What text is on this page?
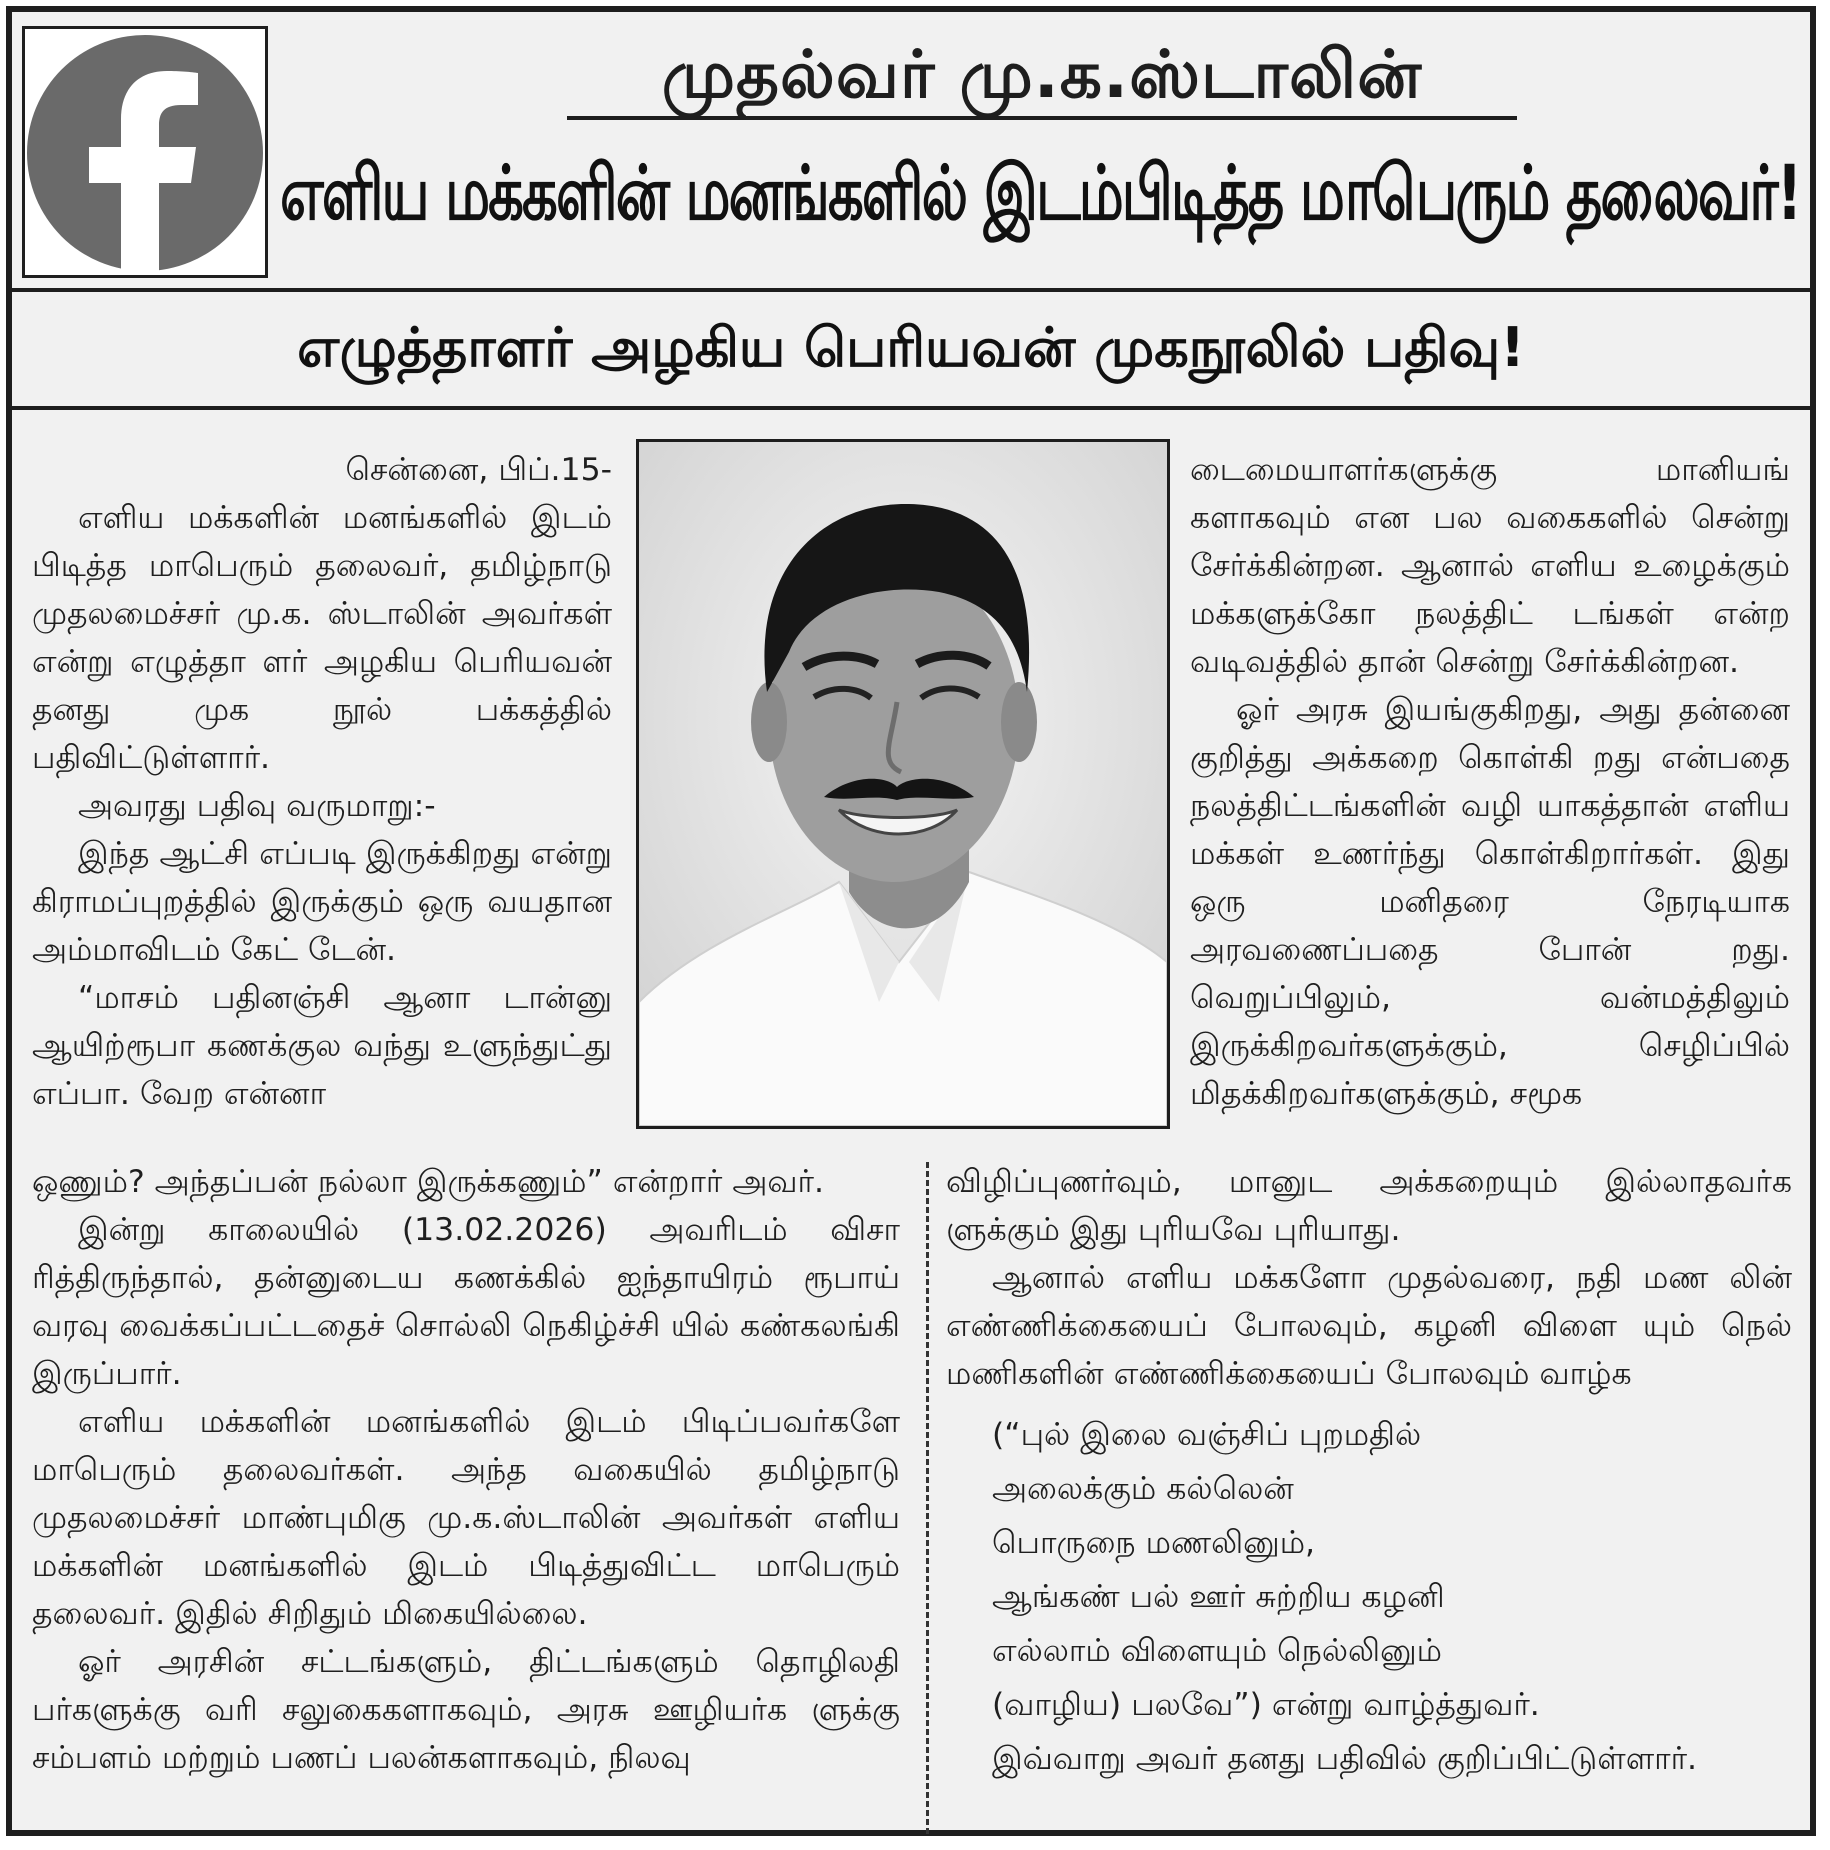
முதல்வர் மு.க.ஸ்டாலின்
எளிய மக்களின் மனங்களில் இடம்பிடித்த மாபெரும் தலைவர்!
எழுத்தாளர் அழகிய பெரியவன் முகநூலில் பதிவு!

சென்னை, பிப்.15-

எளிய மக்களின் மனங்களில் இடம் பிடித்த மாபெரும் தலைவர், தமிழ்நாடு முதலமைச்சர் மு.க. ஸ்டாலின் அவர்கள் என்று எழுத்தா ளர் அழகிய பெரியவன் தனது முக நூல் பக்கத்தில் பதிவிட்டுள்ளார்.

அவரது பதிவு வருமாறு:-

இந்த ஆட்சி எப்படி இருக்கிறது என்று கிராமப்புறத்தில் இருக்கும் ஒரு வயதான அம்மாவிடம் கேட் டேன்.

“மாசம் பதினஞ்சி ஆனா டான்னு ஆயிற்ரூபா கணக்குல வந்து உளுந்துட்து எப்பா. வேற என்னா

டைமையாளர்களுக்கு மானியங் களாகவும் என பல வகைகளில் சென்று சேர்க்கின்றன. ஆனால் எளிய உழைக்கும் மக்களுக்கோ நலத்திட் டங்கள் என்ற வடிவத்தில் தான் சென்று சேர்க்கின்றன.

ஓர் அரசு இயங்குகிறது, அது தன்னை குறித்து அக்கறை கொள்கி றது என்பதை நலத்திட்டங்களின் வழி யாகத்தான் எளிய மக்கள் உணர்ந்து கொள்கிறார்கள். இது ஒரு மனிதரை நேரடியாக அரவணைப்பதை போன் றது. வெறுப்பிலும், வன்மத்திலும் இருக்கிறவர்களுக்கும், செழிப்பில் மிதக்கிறவர்களுக்கும், சமூக

ஒணும்? அந்தப்பன் நல்லா இருக்கணும்” என்றார் அவர்.

இன்று காலையில் (13.02.2026) அவரிடம் விசா ரித்திருந்தால், தன்னுடைய கணக்கில் ஐந்தாயிரம் ரூபாய் வரவு வைக்கப்பட்டதைச் சொல்லி நெகிழ்ச்சி யில் கண்கலங்கி இருப்பார்.

எளிய மக்களின் மனங்களில் இடம் பிடிப்பவர்களே மாபெரும் தலைவர்கள். அந்த வகையில் தமிழ்நாடு முதலமைச்சர் மாண்புமிகு மு.க.ஸ்டாலின் அவர்கள் எளிய மக்களின் மனங்களில் இடம் பிடித்துவிட்ட மாபெரும் தலைவர். இதில் சிறிதும் மிகையில்லை.

ஓர் அரசின் சட்டங்களும், திட்டங்களும் தொழிலதி பர்களுக்கு வரி சலுகைகளாகவும், அரசு ஊழியர்க ளுக்கு சம்பளம் மற்றும் பணப் பலன்களாகவும், நிலவு

விழிப்புணர்வும், மானுட அக்கறையும் இல்லாதவர்க ளுக்கும் இது புரியவே புரியாது.

ஆனால் எளிய மக்களோ முதல்வரை, நதி மண லின் எண்ணிக்கையைப் போலவும், கழனி விளை யும் நெல் மணிகளின் எண்ணிக்கையைப் போலவும் வாழ்க

(“புல் இலை வஞ்சிப் புறமதில்

அலைக்கும் கல்லென்

பொருநை மணலினும்,

ஆங்கண் பல் ஊர் சுற்றிய கழனி

எல்லாம் விளையும் நெல்லினும்

(வாழிய) பலவே”) என்று வாழ்த்துவர்.

இவ்வாறு அவர் தனது பதிவில் குறிப்பிட்டுள்ளார்.
